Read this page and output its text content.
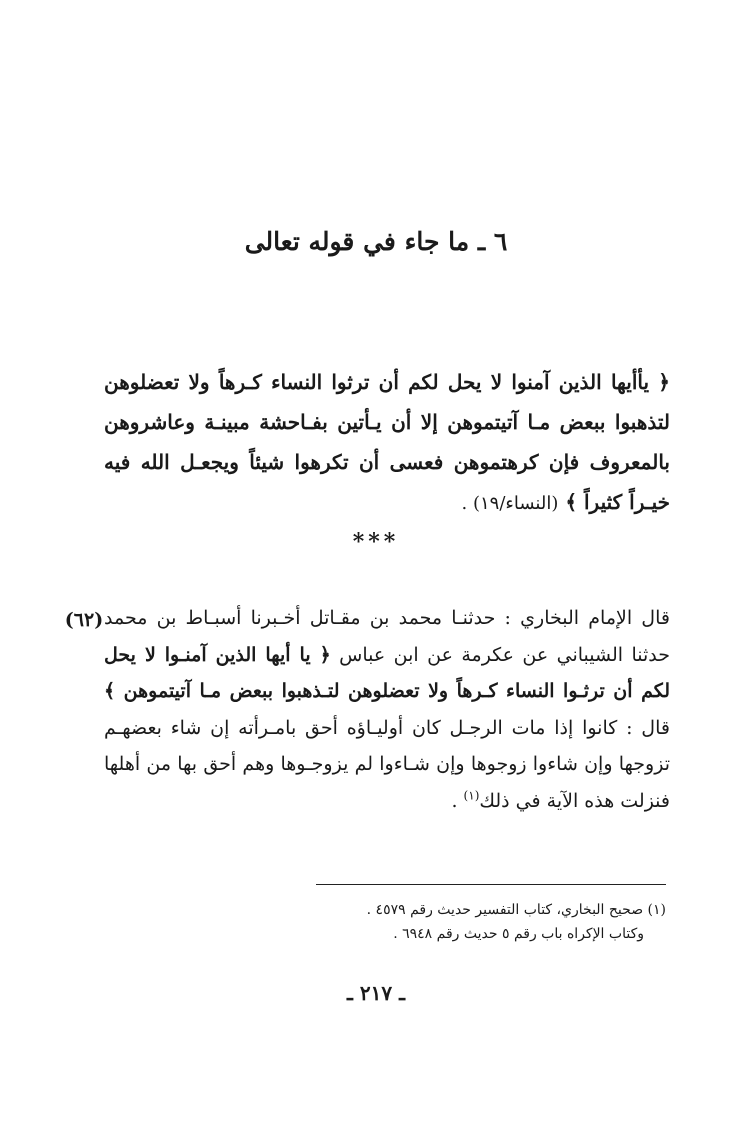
٦ ـ ما جاء في قوله تعالى
﴿ يأأيها الذين آمنوا لا يحل لكم أن ترثوا النساء كـرهاً ولا تعضلوهن لتذهبوا ببعض مـا آتيتموهن إلا أن يـأتين بفـاحشة مبينـة وعاشروهن بالمعروف فإن كرهتموهن فعسى أن تكرهوا شيئاً ويجعـل الله فيه خيـراً كثيراً ﴾ (النساء/١٩) .
***
(٦٢) قال الإمام البخاري : حدثنـا محمد بن مقـاتل أخـبرنا أسبـاط بن محمد حدثنا الشيباني عن عكرمة عن ابن عباس ﴿ يا أيها الذين آمنـوا لا يحل لكم أن ترثـوا النساء كـرهاً ولا تعضلوهن لتـذهبوا ببعض مـا آتيتموهن ﴾ قال : كانوا إذا مات الرجـل كان أوليـاؤه أحق بامـرأته إن شاء بعضهـم تزوجها وإن شاءوا زوجوها وإن شـاءوا لم يزوجـوها وهم أحق بها من أهلها فنزلت هذه الآية في ذلك$^{(١)}$ .
(١) صحيح البخاري، كتاب التفسير حديث رقم ٤٥٧٩ .
وكتاب الإكراه باب رقم ٥ حديث رقم ٦٩٤٨ .
ـ ٢١٧ ـ
